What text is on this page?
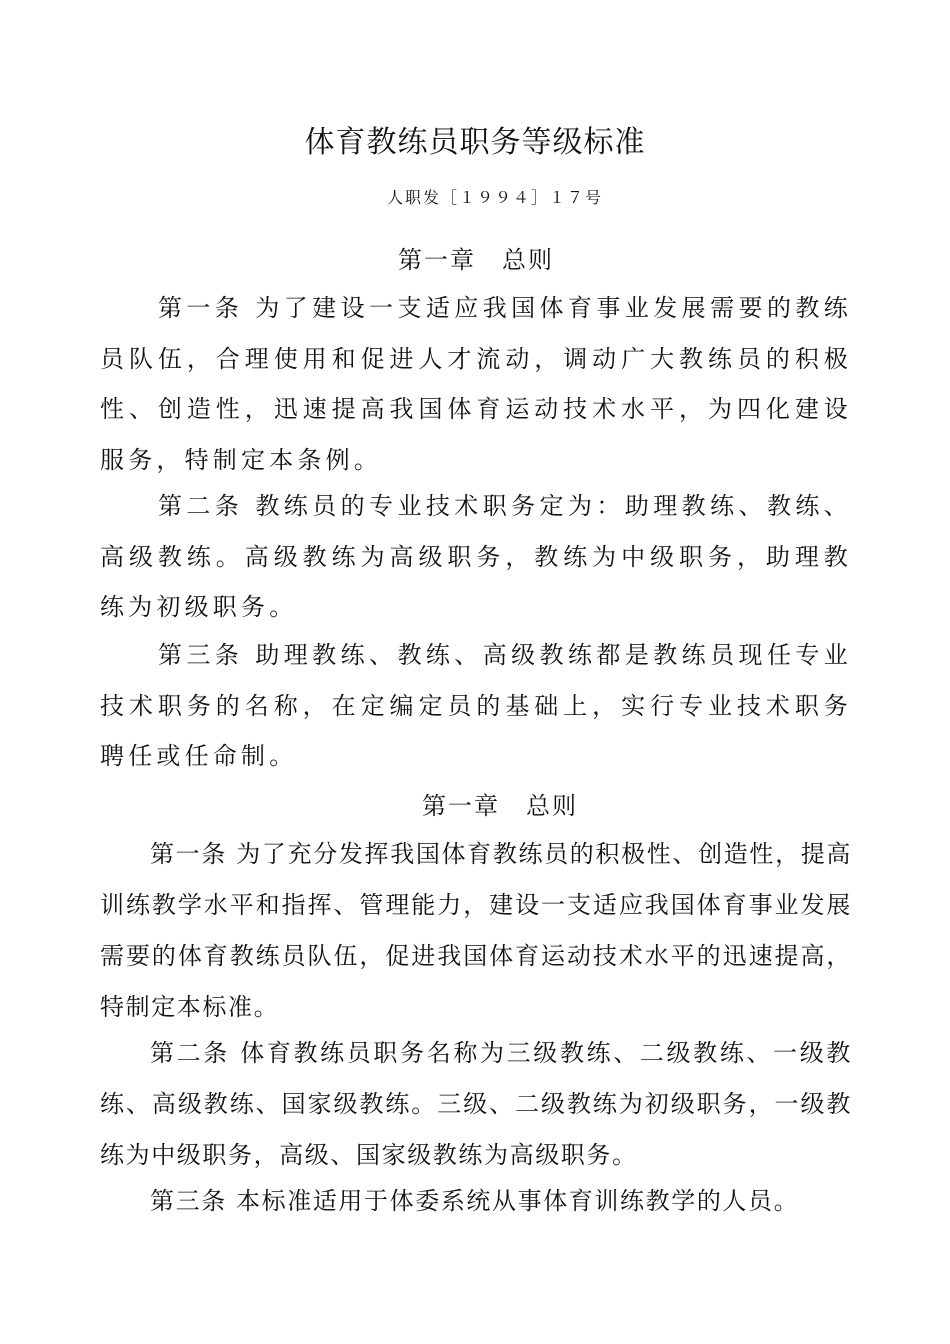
体育教练员职务等级标准
人职发［１９９４］１７号
第一章　总则
第一条 为了建设一支适应我国体育事业发展需要的教练员队伍，合理使用和促进人才流动，调动广大教练员的积极性、创造性，迅速提高我国体育运动技术水平，为四化建设服务，特制定本条例。
第二条 教练员的专业技术职务定为：助理教练、教练、高级教练。高级教练为高级职务，教练为中级职务，助理教练为初级职务。
第三条 助理教练、教练、高级教练都是教练员现任专业技术职务的名称，在定编定员的基础上，实行专业技术职务聘任或任命制。
第一章　总则
第一条 为了充分发挥我国体育教练员的积极性、创造性，提高训练教学水平和指挥、管理能力，建设一支适应我国体育事业发展需要的体育教练员队伍，促进我国体育运动技术水平的迅速提高，特制定本标准。
第二条 体育教练员职务名称为三级教练、二级教练、一级教练、高级教练、国家级教练。三级、二级教练为初级职务，一级教练为中级职务，高级、国家级教练为高级职务。
第三条 本标准适用于体委系统从事体育训练教学的人员。
